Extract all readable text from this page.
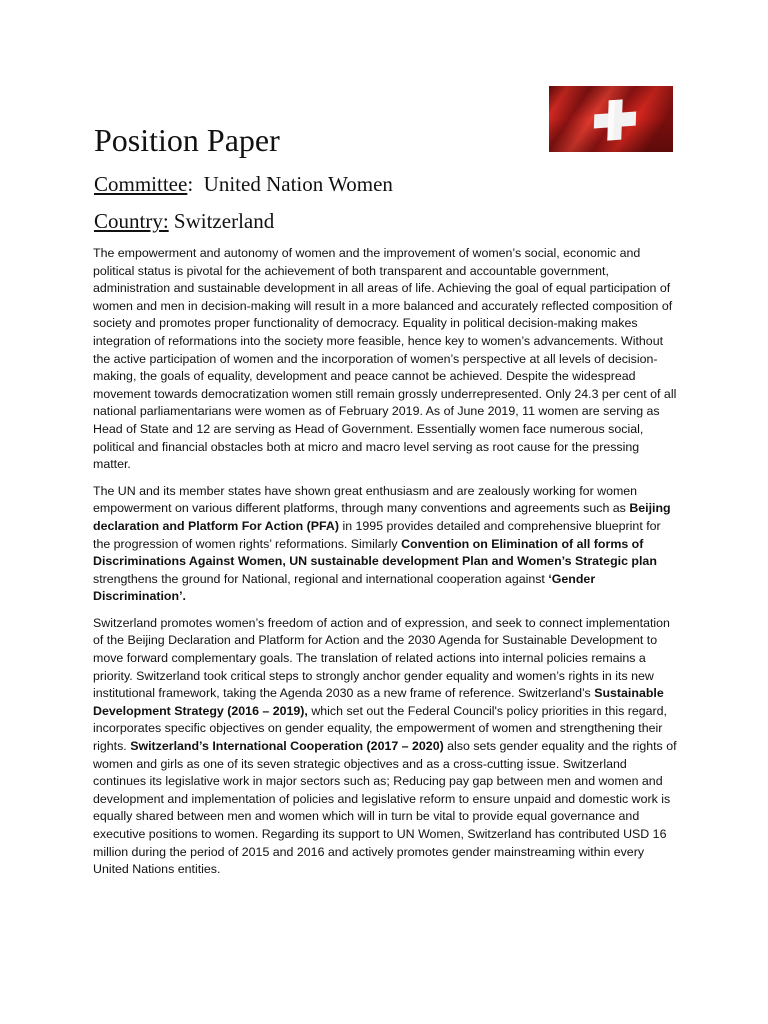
Position Paper

Committee:  United Nation Women

Country: Switzerland

The empowerment and autonomy of women and the improvement of women’s social, economic and political status is pivotal for the achievement of both transparent and accountable government, administration and sustainable development in all areas of life. Achieving the goal of equal participation of women and men in decision-making will result in a more balanced and accurately reflected composition of society and promotes proper functionality of democracy. Equality in political decision-making makes integration of reformations into the society more feasible, hence key to women’s advancements. Without the active participation of women and the incorporation of women’s perspective at all levels of decision-making, the goals of equality, development and peace cannot be achieved. Despite the widespread movement towards democratization women still remain grossly underrepresented. Only 24.3 per cent of all national parliamentarians were women as of February 2019. As of June 2019, 11 women are serving as Head of State and 12 are serving as Head of Government. Essentially women face numerous social, political and financial obstacles both at micro and macro level serving as root cause for the pressing matter.

The UN and its member states have shown great enthusiasm and are zealously working for women empowerment on various different platforms, through many conventions and agreements such as Beijing declaration and Platform For Action (PFA) in 1995 provides detailed and comprehensive blueprint for the progression of women rights’ reformations. Similarly Convention on Elimination of all forms of Discriminations Against Women, UN sustainable development Plan and Women’s Strategic plan strengthens the ground for National, regional and international cooperation against ‘Gender Discrimination’.

Switzerland promotes women’s freedom of action and of expression, and seek to connect implementation of the Beijing Declaration and Platform for Action and the 2030 Agenda for Sustainable Development to move forward complementary goals. The translation of related actions into internal policies remains a priority. Switzerland took critical steps to strongly anchor gender equality and women’s rights in its new institutional framework, taking the Agenda 2030 as a new frame of reference. Switzerland’s Sustainable Development Strategy (2016 – 2019), which set out the Federal Council's policy priorities in this regard, incorporates specific objectives on gender equality, the empowerment of women and strengthening their rights. Switzerland’s International Cooperation (2017 – 2020) also sets gender equality and the rights of women and girls as one of its seven strategic objectives and as a cross-cutting issue. Switzerland continues its legislative work in major sectors such as; Reducing pay gap between men and women and development and implementation of policies and legislative reform to ensure unpaid and domestic work is equally shared between men and women which will in turn be vital to provide equal governance and executive positions to women. Regarding its support to UN Women, Switzerland has contributed USD 16 million during the period of 2015 and 2016 and actively promotes gender mainstreaming within every United Nations entities.
